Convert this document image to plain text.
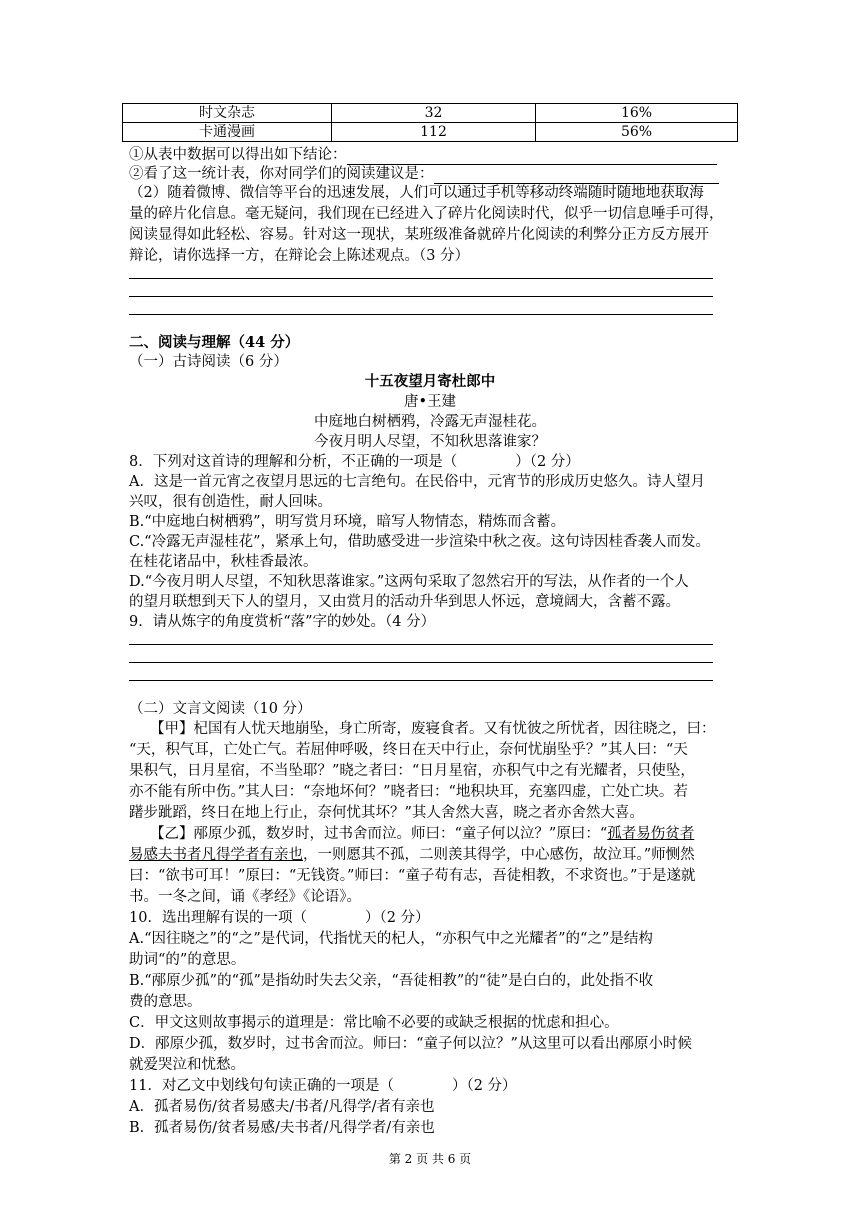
时文杂志	32	16%
卡通漫画	112	56%
①从表中数据可以得出如下结论：
②看了这一统计表，你对同学们的阅读建议是：
（2）随着微博、微信等平台的迅速发展，人们可以通过手机等移动终端随时随地地获取海
量的碎片化信息。毫无疑问，我们现在已经进入了碎片化阅读时代，似乎一切信息唾手可得，
阅读显得如此轻松、容易。针对这一现状，某班级准备就碎片化阅读的利弊分正方反方展开
辩论，请你选择一方，在辩论会上陈述观点。（3 分）
二、阅读与理解（44 分）
（一）古诗阅读（6 分）
十五夜望月寄杜郎中
唐•王建
中庭地白树栖鸦，冷露无声湿桂花。
今夜月明人尽望，不知秋思落谁家？
8．下列对这首诗的理解和分析，不正确的一项是（　　　　）（2 分）
A．这是一首元宵之夜望月思远的七言绝句。在民俗中，元宵节的形成历史悠久。诗人望月
兴叹，很有创造性，耐人回味。
B.“中庭地白树栖鸦”，明写赏月环境，暗写人物情态，精炼而含蓄。
C.“冷露无声湿桂花”，紧承上句，借助感受进一步渲染中秋之夜。这句诗因桂香袭人而发。
在桂花诸品中，秋桂香最浓。
D.“今夜月明人尽望，不知秋思落谁家。”这两句采取了忽然宕开的写法，从作者的一个人
的望月联想到天下人的望月，又由赏月的活动升华到思人怀远，意境阔大，含蓄不露。
9．请从炼字的角度赏析“落”字的妙处。（4 分）
（二）文言文阅读（10 分）
【甲】杞国有人忧天地崩坠，身亡所寄，废寝食者。又有忧彼之所忧者，因往晓之，曰：
“天，积气耳，亡处亡气。若屈伸呼吸，终日在天中行止，奈何忧崩坠乎？”其人曰：“天
果积气，日月星宿，不当坠耶？”晓之者曰：“日月星宿，亦积气中之有光耀者，只使坠，
亦不能有所中伤。”其人曰：“奈地坏何？”晓者曰：“地积块耳，充塞四虚，亡处亡块。若
躇步跐蹈，终日在地上行止，奈何忧其坏？”其人舍然大喜，晓之者亦舍然大喜。
【乙】邴原少孤，数岁时，过书舍而泣。师曰：“童子何以泣？”原曰：“孤者易伤贫者
易感夫书者凡得学者有亲也，一则愿其不孤，二则羡其得学，中心感伤，故泣耳。”师恻然
曰：“欲书可耳！”原曰：“无钱资。”师曰：“童子苟有志，吾徒相教，不求资也。”于是遂就
书。一冬之间，诵《孝经》《论语》。
10．选出理解有误的一项（　　　　）（2 分）
A.“因往晓之”的“之”是代词，代指忧天的杞人，“亦积气中之光耀者”的“之”是结构
助词“的”的意思。
B.“邴原少孤”的“孤”是指幼时失去父亲，“吾徒相教”的“徒”是白白的，此处指不收
费的意思。
C．甲文这则故事揭示的道理是：常比喻不必要的或缺乏根据的忧虑和担心。
D．邴原少孤，数岁时，过书舍而泣。师曰：“童子何以泣？”从这里可以看出邴原小时候
就爱哭泣和忧愁。
11．对乙文中划线句句读正确的一项是（　　　　）（2 分）
A．孤者易伤/贫者易感夫/书者/凡得学/者有亲也
B．孤者易伤/贫者易感/夫书者/凡得学者/有亲也
第 2 页 共 6 页
